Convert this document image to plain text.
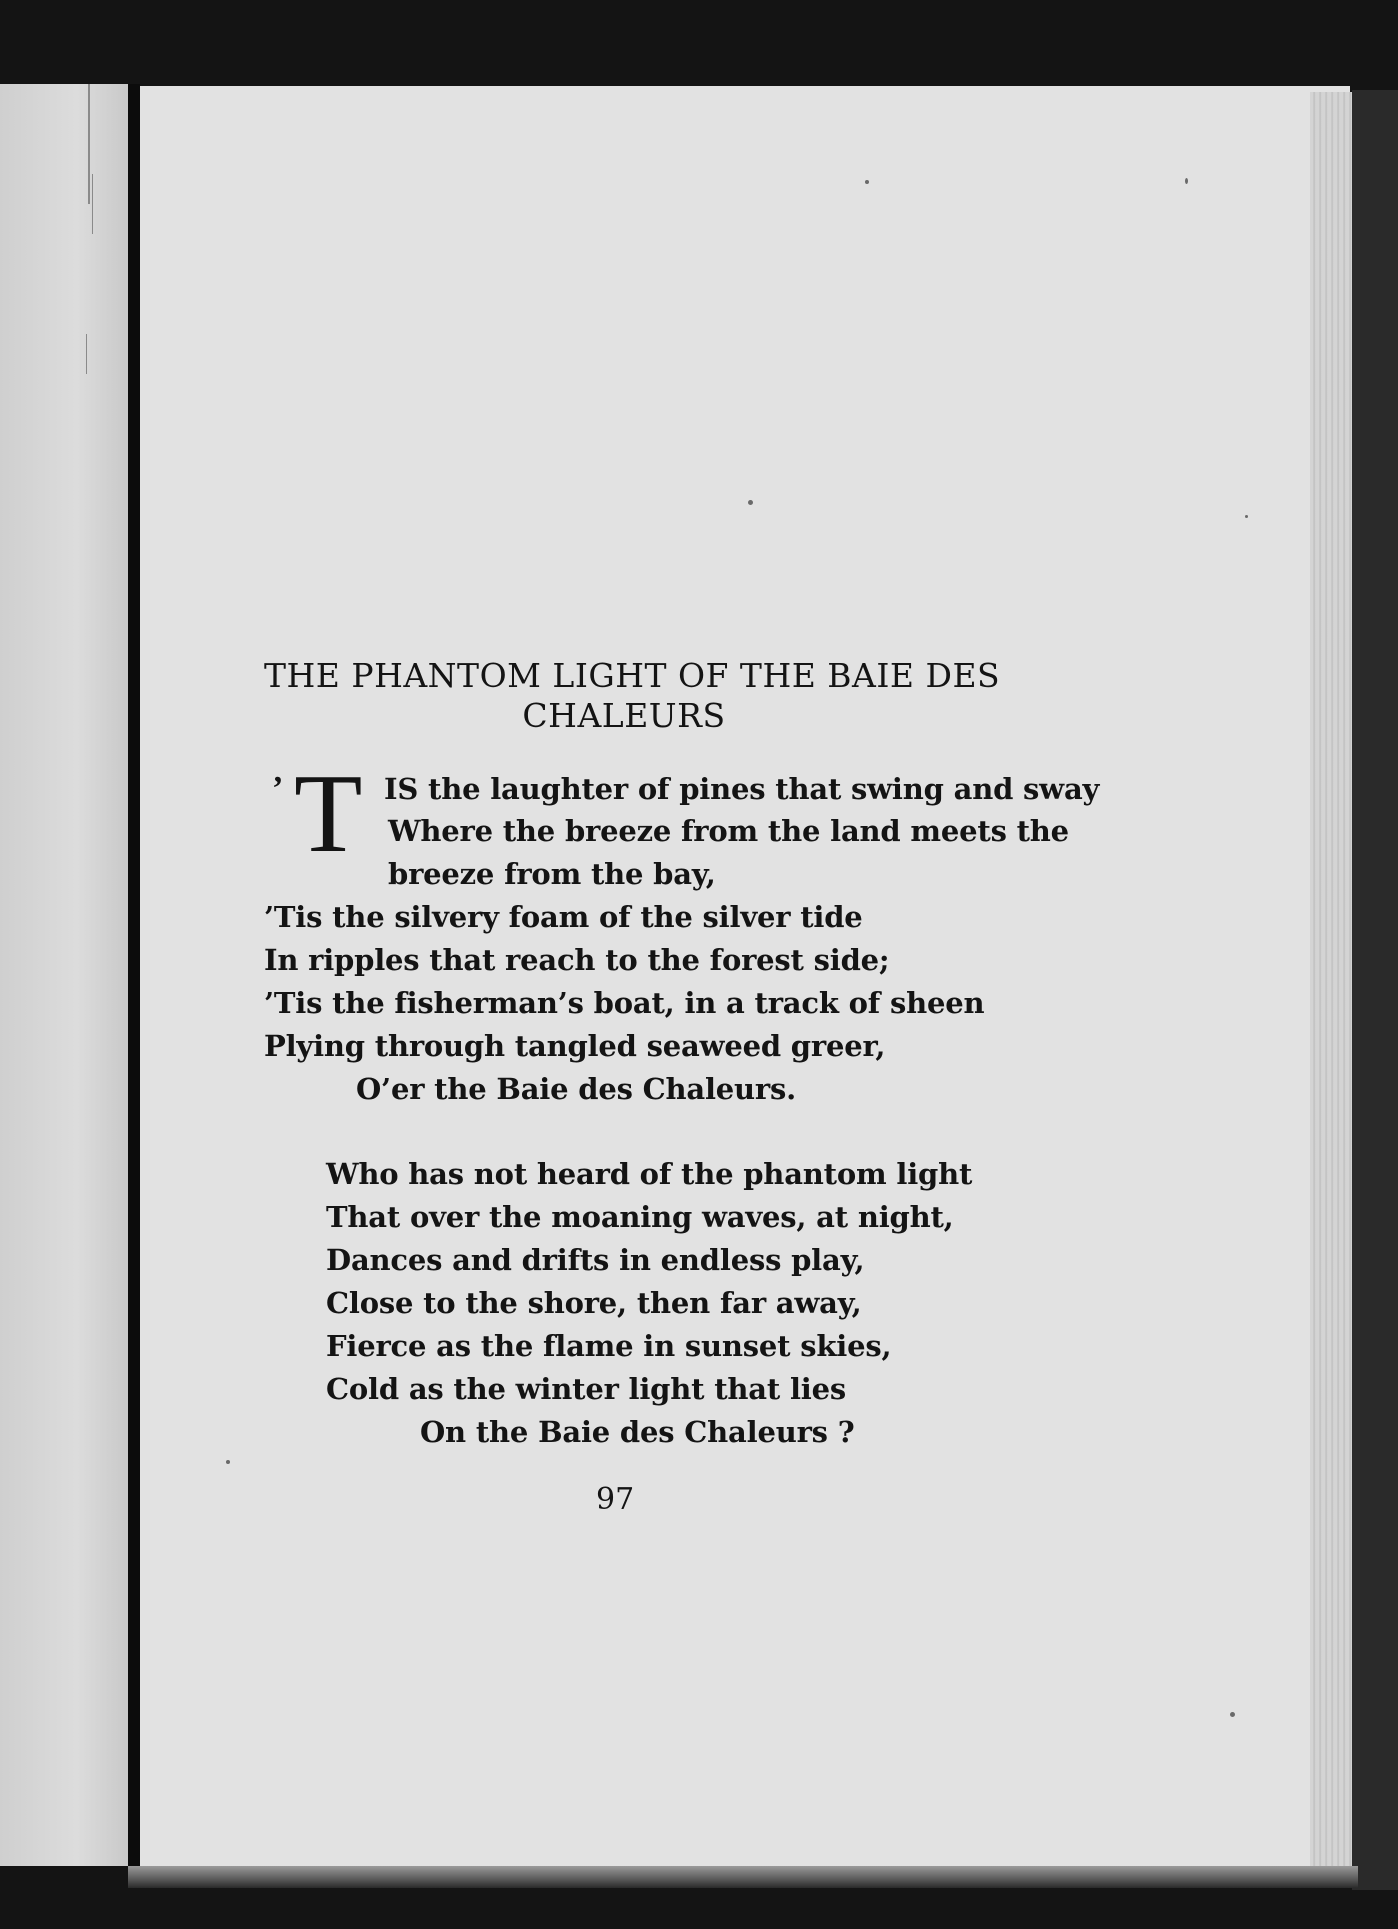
THE PHANTOM LIGHT OF THE BAIE DES

CHALEURS

’ T IS the laughter of pines that swing and sway

Where the breeze from the land meets the

breeze from the bay,

’Tis the silvery foam of the silver tide

In ripples that reach to the forest side;

’Tis the fisherman’s boat, in a track of sheen

Plying through tangled seaweed greer,

O’er the Baie des Chaleurs.

Who has not heard of the phantom light

That over the moaning waves, at night,

Dances and drifts in endless play,

Close to the shore, then far away,

Fierce as the flame in sunset skies,

Cold as the winter light that lies

On the Baie des Chaleurs ?

97
